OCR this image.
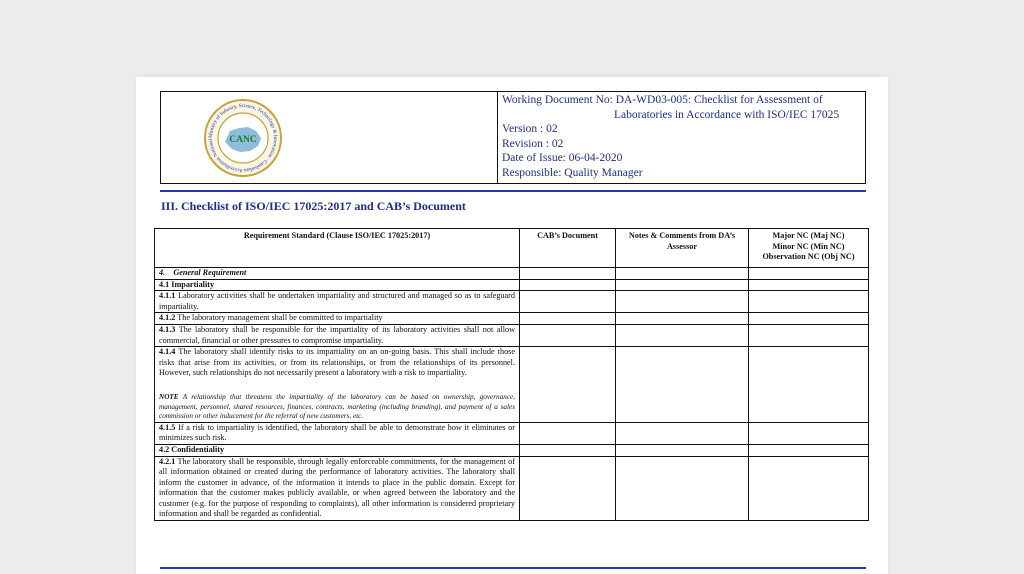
Ministry of Industry, Science, Technology & Innovation · Cambodian Accreditation National	CANC
Working Document No: DA-WD03-005: Checklist for Assessment of
Laboratories in Accordance with ISO/IEC 17025
Version : 02
Revision : 02
Date of Issue: 06-04-2020
Responsible: Quality Manager
III. Checklist of ISO/IEC 17025:2017 and CAB’s Document
Requirement Standard (Clause ISO/IEC 17025:2017)	CAB’s Document	Notes & Comments from DA’s Assessor	Major NC (Maj NC)
Minor NC (Min NC)
Observation NC (Obj NC)

4. General Requirement			
4.1 Impartiality			
4.1.1 Laboratory activities shall be undertaken impartiality and structured and managed so as to safeguard impartiality.			
4.1.2 The laboratory management shall be committed to impartiality			
4.1.3 The laboratory shall be responsible for the impartiality of its laboratory activities shall not allow commercial, financial or other pressures to compromise impartiality.			
4.1.4 The laboratory shall identify risks to its impartiality on an on-going basis. This shall include those risks that arise from its activities, or from its relationships, or from the relationships of its personnel. However, such relationships do not necessarily present a laboratory with a risk to impartiality.
NOTE A relationship that threatens the impartiality of the laboratory can be based on ownership, governance, management, personnel, shared resources, finances, contracts, marketing (including branding), and payment of a sales commission or other inducement for the referral of new customers, etc.			

4.1.5 If a risk to impartiality is identified, the laboratory shall be able to demonstrate how it eliminates or minimizes such risk.			
4.2 Confidentiality			
4.2.1 The laboratory shall be responsible, through legally enforceable commitments, for the management of all information obtained or created during the performance of laboratory activities. The laboratory shall inform the customer in advance, of the information it intends to place in the public domain. Except for information that the customer makes publicly available, or when agreed between the laboratory and the customer (e.g. for the purpose of responding to complaints), all other information is considered proprietary information and shall be regarded as confidential.			
